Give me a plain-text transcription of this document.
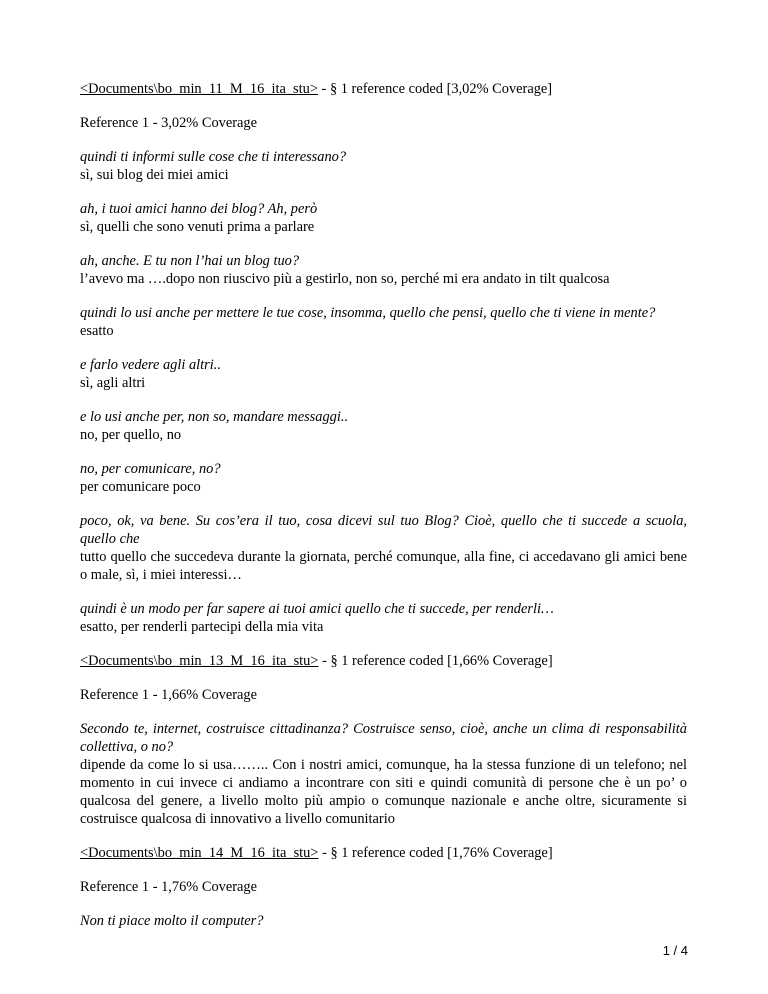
<Documents\bo_min_11_M_16_ita_stu> - § 1 reference coded [3,02% Coverage]
Reference 1 - 3,02% Coverage
quindi ti informi sulle cose che ti interessano?
sì, sui blog dei miei amici
ah, i tuoi amici hanno dei blog? Ah, però
sì, quelli che sono venuti prima a parlare
ah, anche. E tu non l’hai un blog tuo?
l’avevo ma ….dopo non riuscivo più a gestirlo, non so, perché mi era andato in tilt qualcosa
quindi lo usi anche per mettere le tue cose, insomma, quello che pensi, quello che ti viene in mente?
esatto
e farlo vedere agli altri..
sì, agli altri
e lo usi anche per, non so, mandare messaggi..
no, per quello, no
no, per comunicare, no?
per comunicare poco
poco, ok, va bene. Su cos’era il tuo, cosa dicevi sul tuo Blog? Cioè, quello che ti succede a scuola, quello che
tutto quello che succedeva durante la giornata, perché comunque, alla fine, ci accedavano gli amici bene o male, sì, i miei interessi…
quindi è un modo per far sapere ai tuoi amici quello che ti succede, per renderli…
esatto, per renderli partecipi della mia vita
<Documents\bo_min_13_M_16_ita_stu> - § 1 reference coded [1,66% Coverage]
Reference 1 - 1,66% Coverage
Secondo te, internet, costruisce cittadinanza? Costruisce senso, cioè, anche un clima di responsabilità collettiva, o no?
dipende da come lo si usa…….. Con i nostri amici, comunque, ha la stessa funzione di un telefono; nel momento in cui invece ci andiamo a incontrare con siti e quindi comunità di persone che è un po’ o qualcosa del genere, a livello molto più ampio o comunque nazionale e anche oltre, sicuramente si costruisce qualcosa di innovativo a livello comunitario
<Documents\bo_min_14_M_16_ita_stu> - § 1 reference coded [1,76% Coverage]
Reference 1 - 1,76% Coverage
Non ti piace molto il computer?
1 / 4
